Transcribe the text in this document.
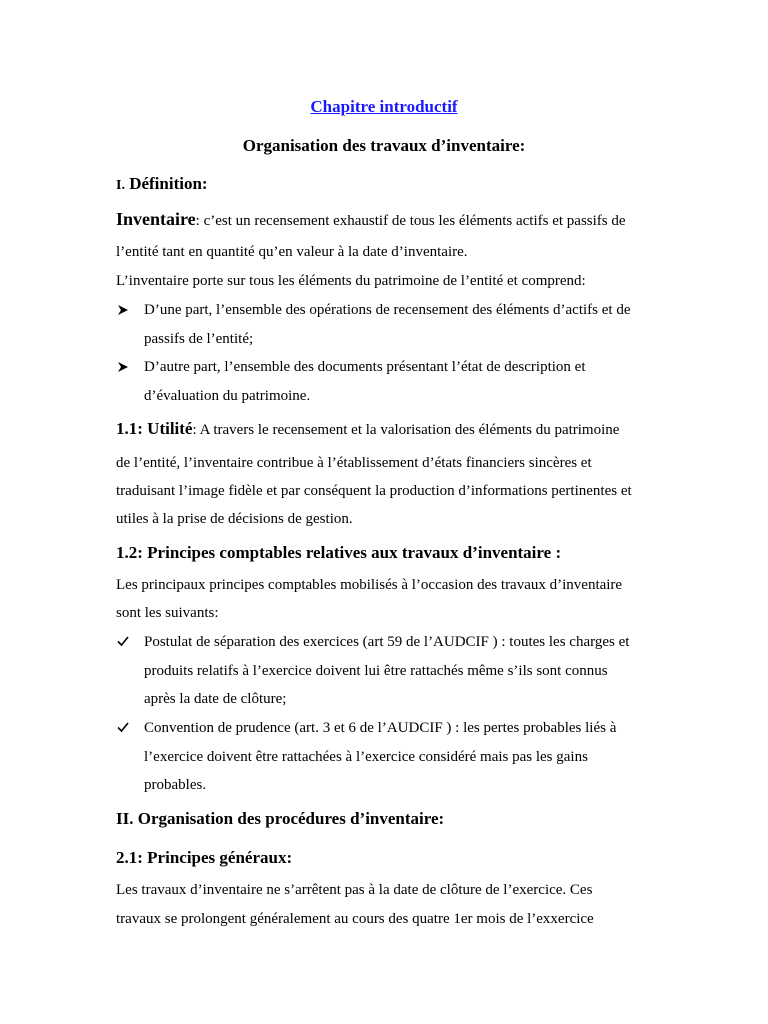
Chapitre introductif
Organisation des travaux d’inventaire:
I. Définition:
Inventaire: c’est un recensement exhaustif de tous les éléments actifs et passifs de
l’entité tant en quantité qu’en valeur à la date d’inventaire.
L’inventaire porte sur tous les éléments du patrimoine de l’entité et comprend:
D’une part, l’ensemble des opérations de recensement des éléments d’actifs et de
passifs de l’entité;
D’autre part, l’ensemble des documents présentant l’état de description et
d’évaluation du patrimoine.
1.1: Utilité: A travers le recensement et la valorisation des éléments du patrimoine
de l’entité, l’inventaire contribue à l’établissement d’états financiers sincères et
traduisant l’image fidèle et par conséquent la production d’informations pertinentes et
utiles à la prise de décisions de gestion.
1.2: Principes comptables relatives aux travaux d’inventaire :
Les principaux principes comptables mobilisés à l’occasion des travaux d’inventaire
sont les suivants:
Postulat de séparation des exercices (art 59 de l’AUDCIF ) : toutes les charges et
produits relatifs à l’exercice doivent lui être rattachés même s’ils sont connus
après la date de clôture;
Convention de prudence (art. 3 et 6 de l’AUDCIF ) : les pertes probables liés à
l’exercice doivent être rattachées à l’exercice considéré mais pas les gains
probables.
II. Organisation des procédures d’inventaire:
2.1: Principes généraux:
Les travaux d’inventaire ne s’arrêtent pas à la date de clôture de l’exercice. Ces
travaux se prolongent généralement au cours des quatre 1er mois de l’exxercice
